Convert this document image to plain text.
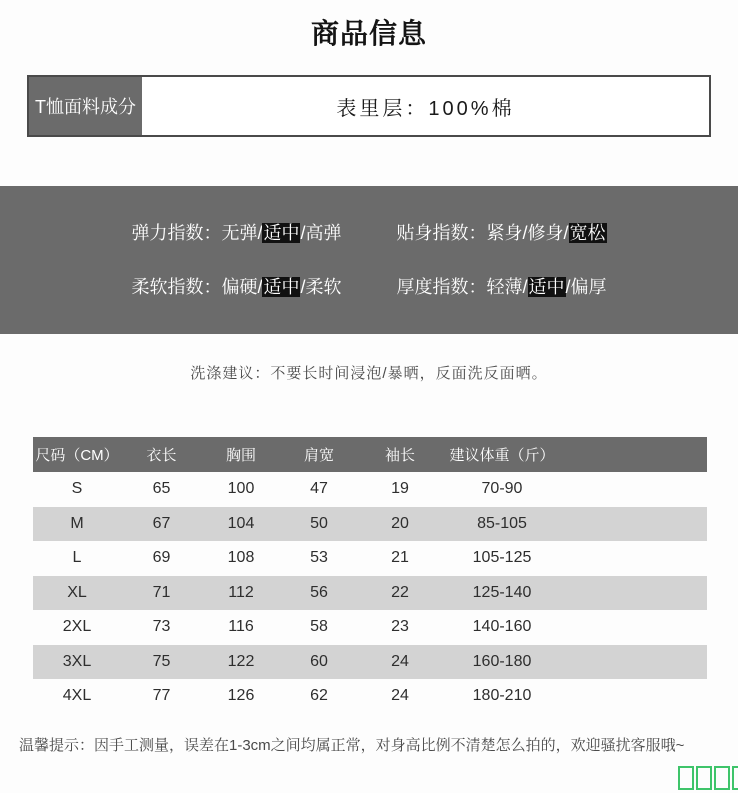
商品信息
T恤面料成分	表里层：100%棉
弹力指数：无弹/适中/高弹	贴身指数：紧身/修身/宽松
柔软指数：偏硬/适中/柔软	厚度指数：轻薄/适中/偏厚
洗涤建议：不要长时间浸泡/暴晒，反面洗反面晒。
尺码（CM）	衣长	胸围	肩宽	袖长	建议体重（斤）
S	65	100	47	19	70-90
M	67	104	50	20	85-105
L	69	108	53	21	105-125
XL	71	112	56	22	125-140
2XL	73	116	58	23	140-160
3XL	75	122	60	24	160-180
4XL	77	126	62	24	180-210
温馨提示：因手工测量，误差在1-3cm之间均属正常，对身高比例不清楚怎么拍的，欢迎骚扰客服哦~
